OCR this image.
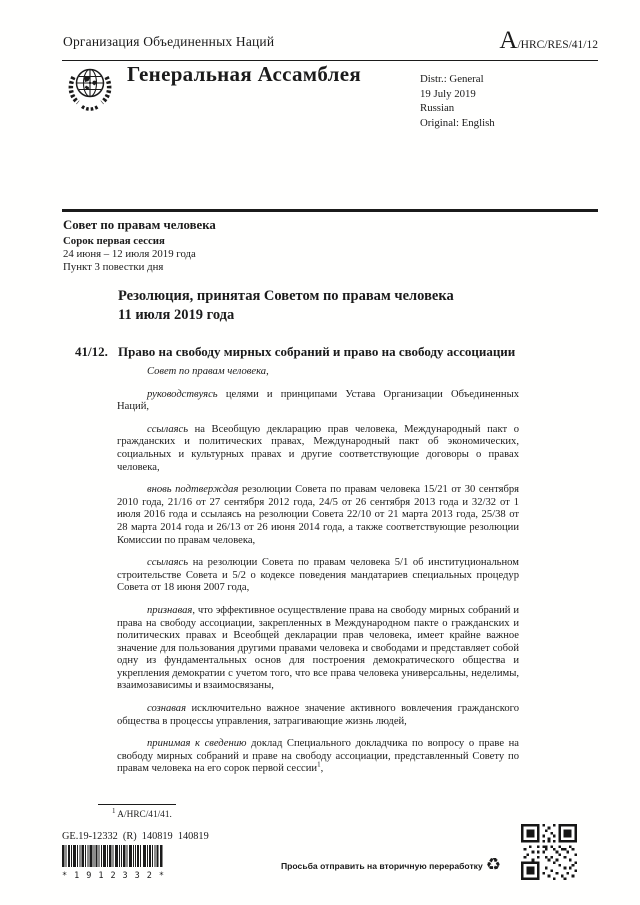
Организация Объединенных Наций	A/HRC/RES/41/12
Генеральная Ассамблея	Distr.: General
19 July 2019
Russian
Original: English
Совет по правам человека
Сорок первая сессия
24 июня – 12 июля 2019 года
Пункт 3 повестки дня
Резолюция, принятая Советом по правам человека
11 июля 2019 года
41/12. Право на свободу мирных собраний и право на свободу ассоциации

Совет по правам человека,

руководствуясь целями и принципами Устава Организации Объединенных Наций,

ссылаясь на Всеобщую декларацию прав человека, Международный пакт о гражданских и политических правах, Международный пакт об экономических, социальных и культурных правах и другие соответствующие договоры о правах человека,

вновь подтверждая резолюции Совета по правам человека 15/21 от 30 сентября 2010 года, 21/16 от 27 сентября 2012 года, 24/5 от 26 сентября 2013 года и 32/32 от 1 июля 2016 года и ссылаясь на резолюции Совета 22/10 от 21 марта 2013 года, 25/38 от 28 марта 2014 года и 26/13 от 26 июня 2014 года, а также соответствующие резолюции Комиссии по правам человека,

ссылаясь на резолюции Совета по правам человека 5/1 об институциональном строительстве Совета и 5/2 о кодексе поведения мандатариев специальных процедур Совета от 18 июня 2007 года,

признавая, что эффективное осуществление права на свободу мирных собраний и права на свободу ассоциации, закрепленных в Международном пакте о гражданских и политических правах и Всеобщей декларации прав человека, имеет крайне важное значение для пользования другими правами человека и свободами и представляет собой одну из фундаментальных основ для построения демократического общества и укрепления демократии с учетом того, что все права человека универсальны, неделимы, взаимозависимы и взаимосвязаны,

сознавая исключительно важное значение активного вовлечения гражданского общества в процессы управления, затрагивающие жизнь людей,

принимая к сведению доклад Специального докладчика по вопросу о праве на свободу мирных собраний и праве на свободу ассоциации, представленный Совету по правам человека на его сорок первой сессии$^1$,

$^1$ A/HRC/41/41.
GE.19-12332  (R)  140819  140819
* 1 9 1 2 3 3 2 *
Просьба отправить на вторичную переработку ♻
